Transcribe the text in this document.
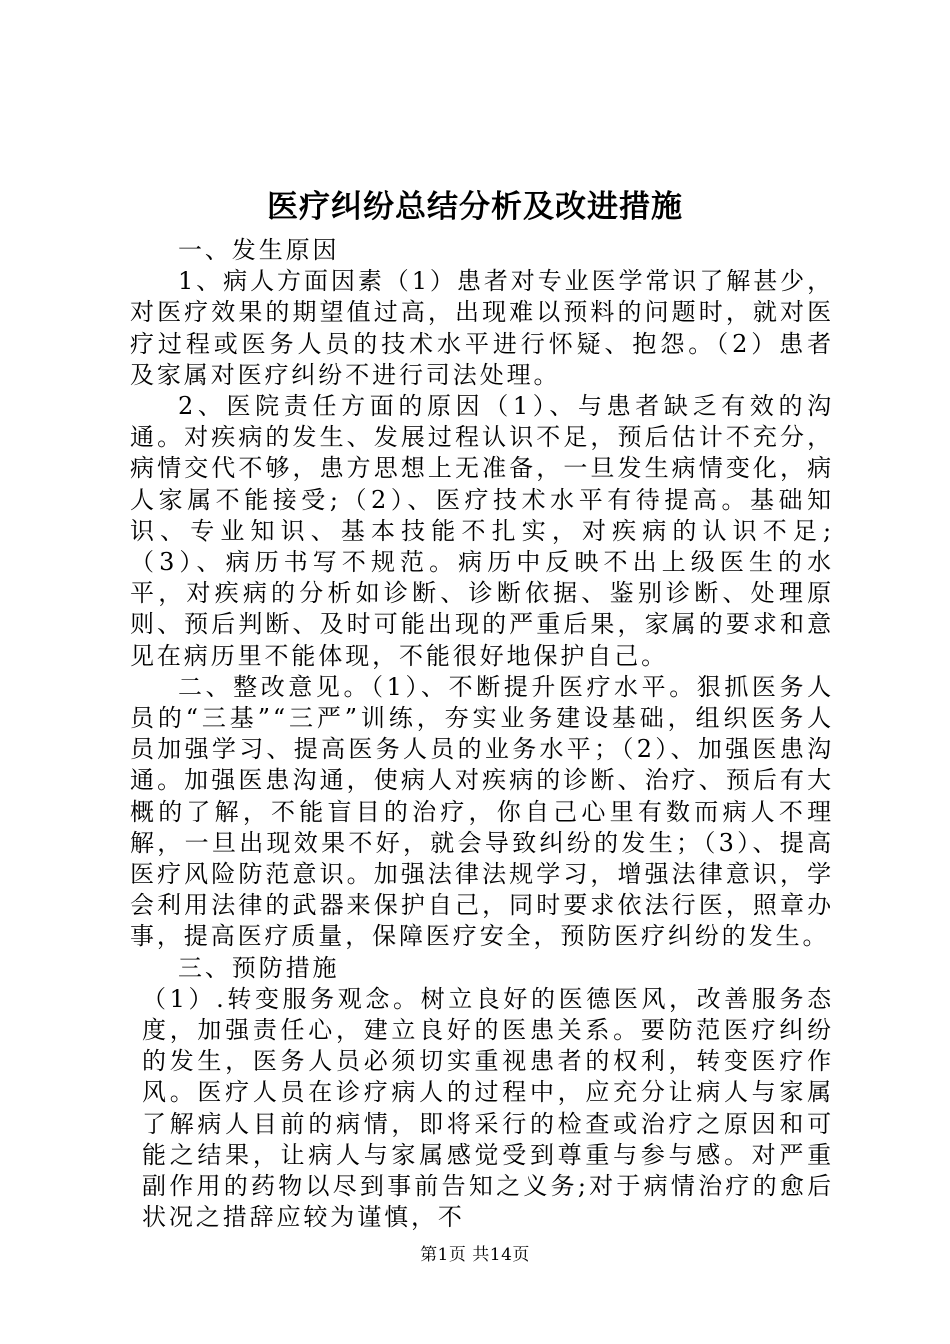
医疗纠纷总结分析及改进措施

一、发生原因

1、病人方面因素（1）患者对专业医学常识了解甚少，对医疗效果的期望值过高，出现难以预料的问题时，就对医疗过程或医务人员的技术水平进行怀疑、抱怨。（2）患者及家属对医疗纠纷不进行司法处理。

2、医院责任方面的原因（1）、与患者缺乏有效的沟通。对疾病的发生、发展过程认识不足，预后估计不充分，病情交代不够，患方思想上无准备，一旦发生病情变化，病人家属不能接受;（2）、医疗技术水平有待提高。基础知识、专业知识、基本技能不扎实，对疾病的认识不足;（3）、病历书写不规范。病历中反映不出上级医生的水平，对疾病的分析如诊断、诊断依据、鉴别诊断、处理原则、预后判断、及时可能出现的严重后果，家属的要求和意见在病历里不能体现，不能很好地保护自己。

二、整改意见。（1）、不断提升医疗水平。狠抓医务人员的“三基”“三严”训练，夯实业务建设基础，组织医务人员加强学习、提高医务人员的业务水平；（2）、加强医患沟通。加强医患沟通，使病人对疾病的诊断、治疗、预后有大概的了解，不能盲目的治疗，你自己心里有数而病人不理解，一旦出现效果不好，就会导致纠纷的发生；（3）、提高医疗风险防范意识。加强法律法规学习，增强法律意识，学会利用法律的武器来保护自己，同时要求依法行医，照章办事，提高医疗质量，保障医疗安全，预防医疗纠纷的发生。

三、预防措施

（1）.转变服务观念。树立良好的医德医风，改善服务态度，加强责任心，建立良好的医患关系。要防范医疗纠纷的发生，医务人员必须切实重视患者的权利，转变医疗作风。医疗人员在诊疗病人的过程中，应充分让病人与家属了解病人目前的病情，即将采行的检查或治疗之原因和可能之结果，让病人与家属感觉受到尊重与参与感。对严重副作用的药物以尽到事前告知之义务;对于病情治疗的愈后状况之措辞应较为谨慎，不

第1页 共14页
